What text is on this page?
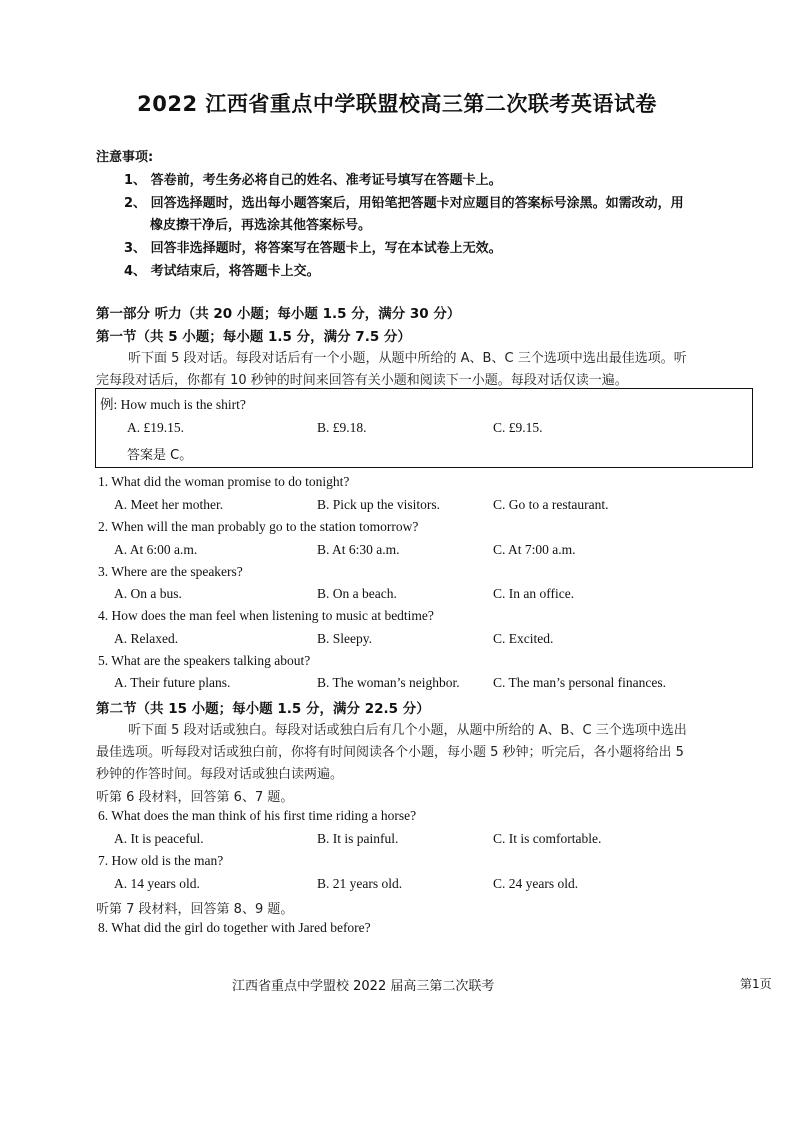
2022 江西省重点中学联盟校高三第二次联考英语试卷
注意事项:
1、 答卷前，考生务必将自己的姓名、准考证号填写在答题卡上。
2、 回答选择题时，选出每小题答案后，用铅笔把答题卡对应题目的答案标号涂黑。如需改动，用
橡皮擦干净后，再选涂其他答案标号。
3、 回答非选择题时，将答案写在答题卡上，写在本试卷上无效。
4、 考试结束后，将答题卡上交。
第一部分 听力（共 20 小题；每小题 1.5 分，满分 30 分）
第一节（共 5 小题；每小题 1.5 分，满分 7.5 分）
听下面 5 段对话。每段对话后有一个小题，从题中所给的 A、B、C 三个选项中选出最佳选项。听
完每段对话后，你都有 10 秒钟的时间来回答有关小题和阅读下一小题。每段对话仅读一遍。
例: How much is the shirt?
A. £19.15.	B. £9.18.	C. £9.15.
答案是 C。
1. What did the woman promise to do tonight?
A. Meet her mother.	B. Pick up the visitors.	C. Go to a restaurant.
2. When will the man probably go to the station tomorrow?
A. At 6:00 a.m.	B. At 6:30 a.m.	C. At 7:00 a.m.
3. Where are the speakers?
A. On a bus.	B. On a beach.	C. In an office.
4. How does the man feel when listening to music at bedtime?
A. Relaxed.	B. Sleepy.	C. Excited.
5. What are the speakers talking about?
A. Their future plans.	B. The woman’s neighbor. C. The man’s personal finances.
第二节（共 15 小题；每小题 1.5 分，满分 22.5 分）
听下面 5 段对话或独白。每段对话或独白后有几个小题，从题中所给的 A、B、C 三个选项中选出
最佳选项。听每段对话或独白前，你将有时间阅读各个小题，每小题 5 秒钟；听完后，各小题将给出 5
秒钟的作答时间。每段对话或独白读两遍。
听第 6 段材料，回答第 6、7 题。
6. What does the man think of his first time riding a horse?
A. It is peaceful.	B. It is painful.	C. It is comfortable.
7. How old is the man?
A. 14 years old.	B. 21 years old.	C. 24 years old.
听第 7 段材料，回答第 8、9 题。
8. What did the girl do together with Jared before?
江西省重点中学盟校 2022 届高三第二次联考	第1页
